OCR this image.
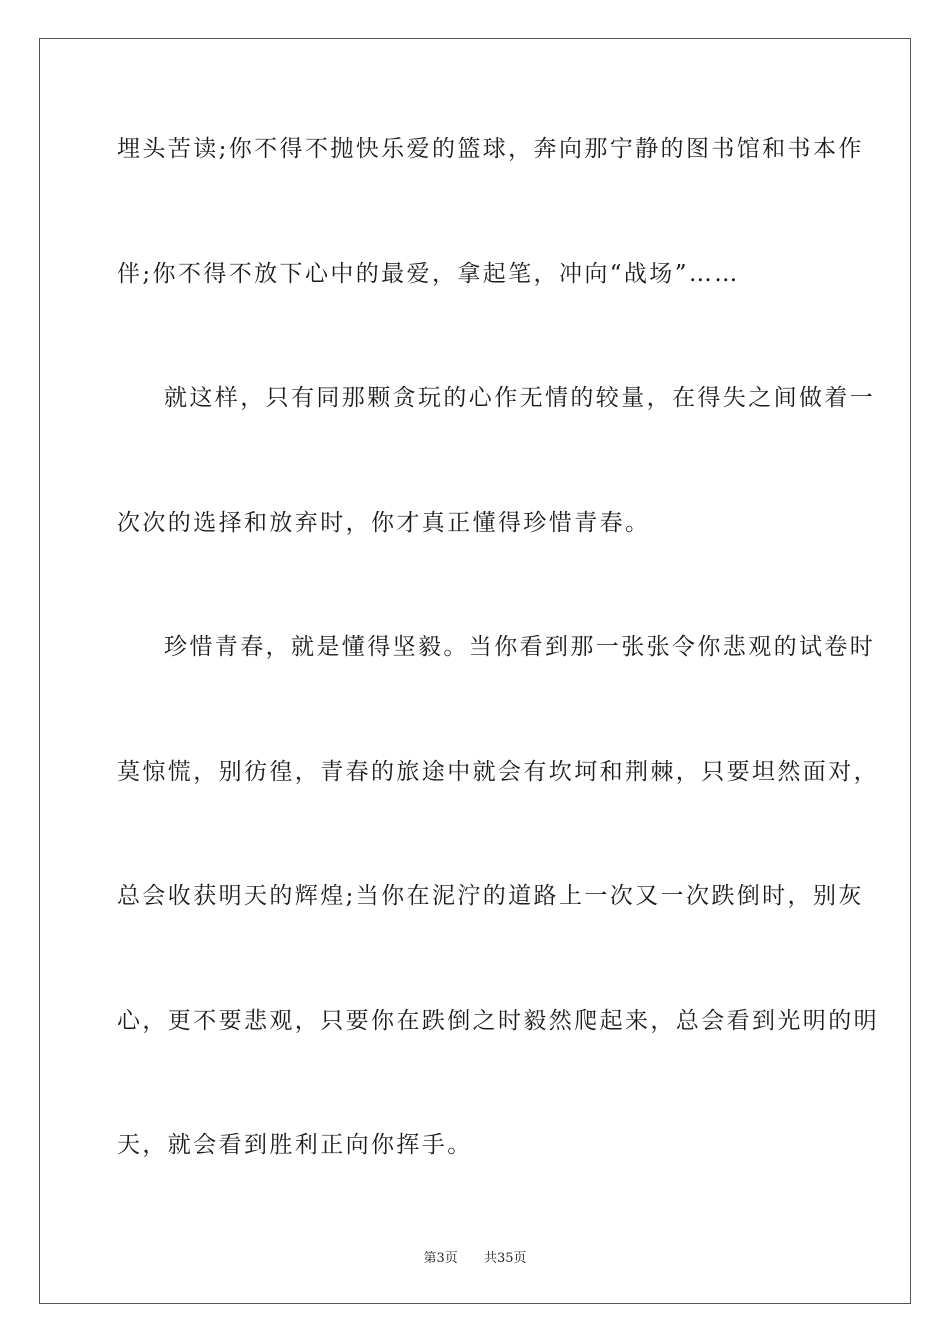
埋头苦读;你不得不抛快乐爱的篮球，奔向那宁静的图书馆和书本作
伴;你不得不放下心中的最爱，拿起笔，冲向“战场”……
就这样，只有同那颗贪玩的心作无情的较量，在得失之间做着一
次次的选择和放弃时，你才真正懂得珍惜青春。
珍惜青春，就是懂得坚毅。当你看到那一张张令你悲观的试卷时
莫惊慌，别彷徨，青春的旅途中就会有坎坷和荆棘，只要坦然面对，
总会收获明天的辉煌;当你在泥泞的道路上一次又一次跌倒时，别灰
心，更不要悲观，只要你在跌倒之时毅然爬起来，总会看到光明的明
天，就会看到胜利正向你挥手。
第3页 共35页
